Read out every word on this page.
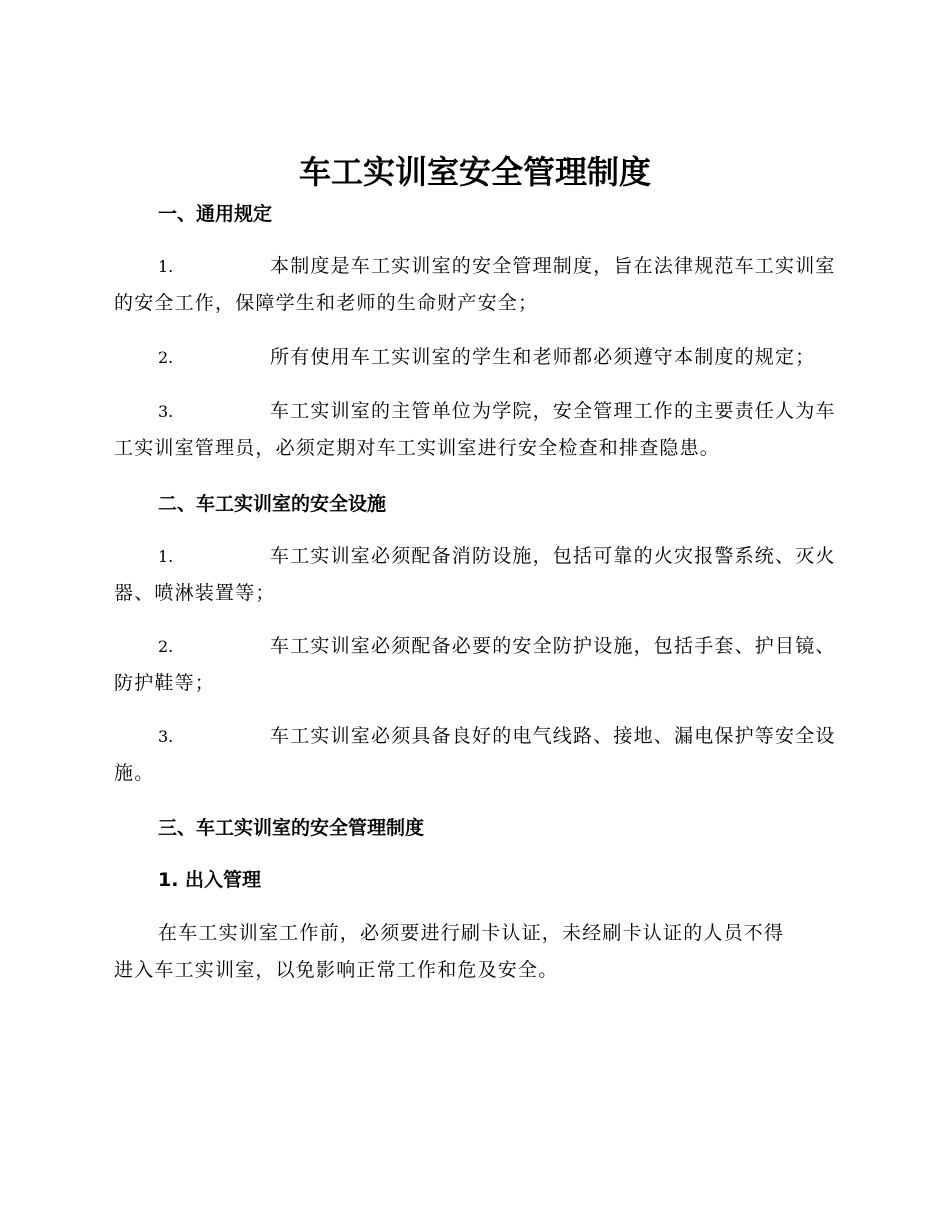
车工实训室安全管理制度
一、通用规定
1.	本制度是车工实训室的安全管理制度，旨在法律规范车工实训室
的安全工作，保障学生和老师的生命财产安全；
2.	所有使用车工实训室的学生和老师都必须遵守本制度的规定；
3.	车工实训室的主管单位为学院，安全管理工作的主要责任人为车
工实训室管理员，必须定期对车工实训室进行安全检查和排查隐患。
二、车工实训室的安全设施
1.	车工实训室必须配备消防设施，包括可靠的火灾报警系统、灭火
器、喷淋装置等；
2.	车工实训室必须配备必要的安全防护设施，包括手套、护目镜、
防护鞋等；
3.	车工实训室必须具备良好的电气线路、接地、漏电保护等安全设
施。
三、车工实训室的安全管理制度
1. 出入管理
在车工实训室工作前，必须要进行刷卡认证，未经刷卡认证的人员不得
进入车工实训室，以免影响正常工作和危及安全。
